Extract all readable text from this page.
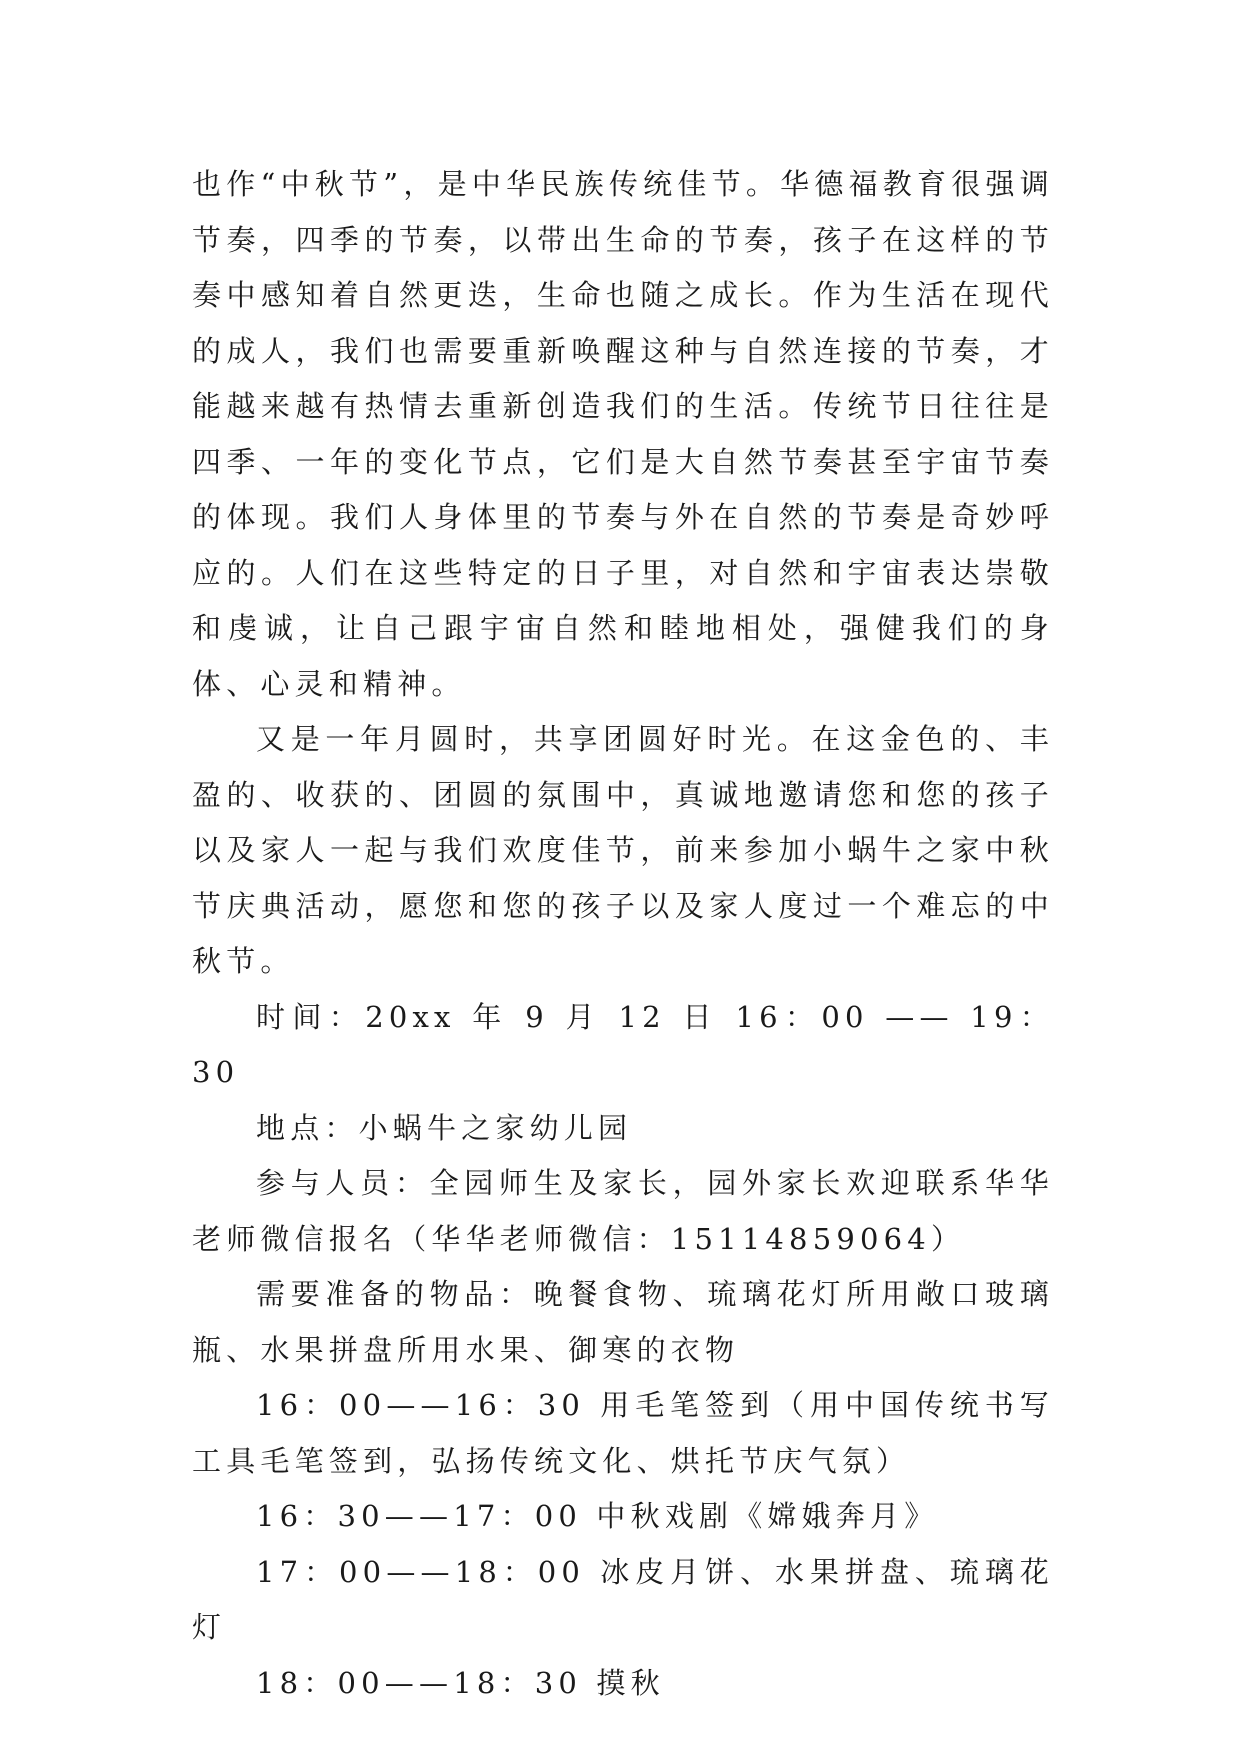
也作“中秋节”，是中华民族传统佳节。华德福教育很强调节奏，四季的节奏，以带出生命的节奏，孩子在这样的节奏中感知着自然更迭，生命也随之成长。作为生活在现代的成人，我们也需要重新唤醒这种与自然连接的节奏，才能越来越有热情去重新创造我们的生活。传统节日往往是四季、一年的变化节点，它们是大自然节奏甚至宇宙节奏的体现。我们人身体里的节奏与外在自然的节奏是奇妙呼应的。人们在这些特定的日子里，对自然和宇宙表达崇敬和虔诚，让自己跟宇宙自然和睦地相处，强健我们的身体、心灵和精神。

又是一年月圆时，共享团圆好时光。在这金色的、丰盈的、收获的、团圆的氛围中，真诚地邀请您和您的孩子以及家人一起与我们欢度佳节，前来参加小蜗牛之家中秋节庆典活动，愿您和您的孩子以及家人度过一个难忘的中秋节。

时间：20xx 年 9 月 12 日 16：00 —— 19：30

地点：小蜗牛之家幼儿园

参与人员：全园师生及家长，园外家长欢迎联系华华老师微信报名（华华老师微信：15114859064）

需要准备的物品：晚餐食物、琉璃花灯所用敞口玻璃瓶、水果拼盘所用水果、御寒的衣物

16：00——16：30 用毛笔签到（用中国传统书写工具毛笔签到，弘扬传统文化、烘托节庆气氛）

16：30——17：00 中秋戏剧《嫦娥奔月》

17：00——18：00 冰皮月饼、水果拼盘、琉璃花灯

18：00——18：30 摸秋
